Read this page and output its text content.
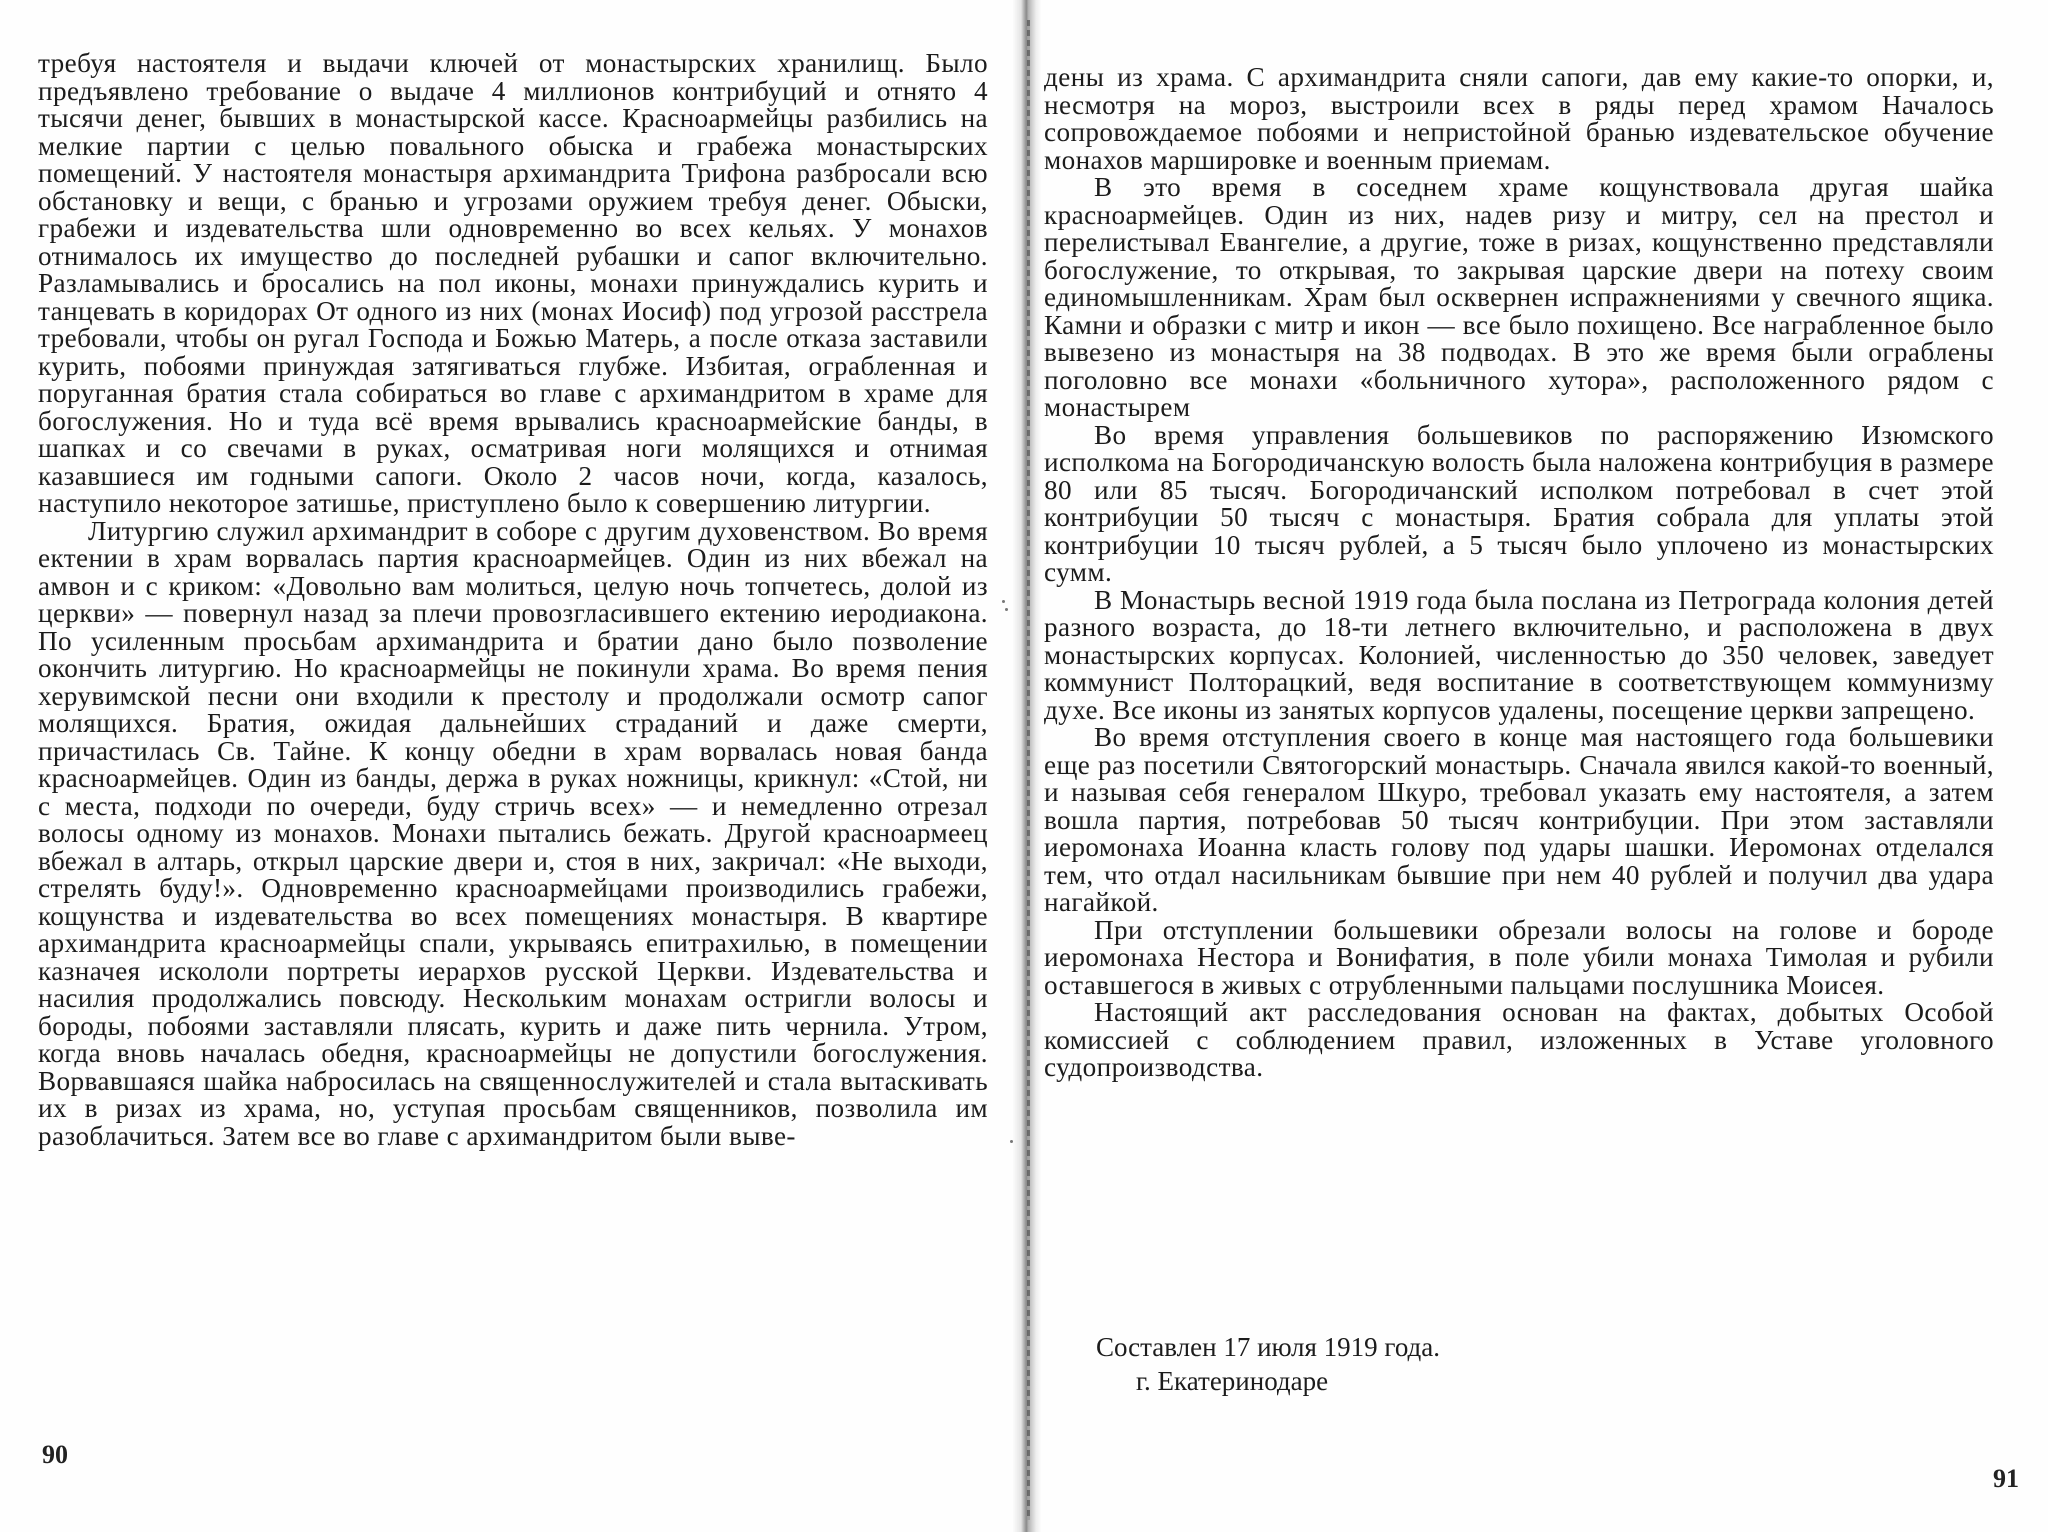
требуя настоятеля и выдачи ключей от монастырских хранилищ. Было предъявлено требование о выдаче 4 миллионов контрибуций и отнято 4 тысячи денег, бывших в монастырской кассе. Красноармейцы разбились на мелкие партии с целью повального обыска и грабежа монастырских помещений. У настоятеля монастыря архимандрита Трифона разбросали всю обстановку и вещи, с бранью и угрозами оружием требуя денег. Обыски, грабежи и издевательства шли одновременно во всех кельях. У монахов отнималось их имущество до последней рубашки и сапог включительно. Разламывались и бросались на пол иконы, монахи принуждались курить и танцевать в коридорах От одного из них (монах Иосиф) под угрозой расстрела требовали, чтобы он ругал Господа и Божью Матерь, а после отказа заставили курить, побоями принуждая затягиваться глубже. Избитая, ограбленная и поруганная братия стала собираться во главе с архимандритом в храме для богослужения. Но и туда всё время врывались красноармейские банды, в шапках и со свечами в руках, осматривая ноги молящихся и отнимая казавшиеся им годными сапоги. Около 2 часов ночи, когда, казалось, наступило некоторое затишье, приступлено было к совершению литургии.

Литургию служил архимандрит в соборе с другим духовенством. Во время ектении в храм ворвалась партия красноармейцев. Один из них вбежал на амвон и с криком: «Довольно вам молиться, целую ночь топчетесь, долой из церкви» — повернул назад за плечи провозгласившего ектению иеродиакона. По усиленным просьбам архимандрита и братии дано было позволение окончить литургию. Но красноармейцы не покинули храма. Во время пения херувимской песни они входили к престолу и продолжали осмотр сапог молящихся. Братия, ожидая дальнейших страданий и даже смерти, причастилась Св. Тайне. К концу обедни в храм ворвалась новая банда красноармейцев. Один из банды, держа в руках ножницы, крикнул: «Стой, ни с места, подходи по очереди, буду стричь всех» — и немедленно отрезал волосы одному из монахов. Монахи пытались бежать. Другой красноармеец вбежал в алтарь, открыл царские двери и, стоя в них, закричал: «Не выходи, стрелять буду!». Одновременно красноармейцами производились грабежи, кощунства и издевательства во всех помещениях монастыря. В квартире архимандрита красноармейцы спали, укрываясь епитрахилью, в помещении казначея искололи портреты иерархов русской Церкви. Издевательства и насилия продолжались повсюду. Нескольким монахам остригли волосы и бороды, побоями заставляли плясать, курить и даже пить чернила. Утром, когда вновь началась обедня, красноармейцы не допустили богослужения. Ворвавшаяся шайка набросилась на священнослужителей и стала вытаскивать их в ризах из храма, но, уступая просьбам священников, позволила им разоблачиться. Затем все во главе с архимандритом были выве-

90

дены из храма. С архимандрита сняли сапоги, дав ему какие-то опорки, и, несмотря на мороз, выстроили всех в ряды перед храмом Началось сопровождаемое побоями и непристойной бранью издевательское обучение монахов маршировке и военным приемам.

В это время в соседнем храме кощунствовала другая шайка красноармейцев. Один из них, надев ризу и митру, сел на престол и перелистывал Евангелие, а другие, тоже в ризах, кощунственно представляли богослужение, то открывая, то закрывая царские двери на потеху своим единомышленникам. Храм был осквернен испражнениями у свечного ящика. Камни и образки с митр и икон — все было похищено. Все награбленное было вывезено из монастыря на 38 подводах. В это же время были ограблены поголовно все монахи «больничного хутора», расположенного рядом с монастырем

Во время управления большевиков по распоряжению Изюмского исполкома на Богородичанскую волость была наложена контрибуция в размере 80 или 85 тысяч. Богородичанский исполком потребовал в счет этой контрибуции 50 тысяч с монастыря. Братия собрала для уплаты этой контрибуции 10 тысяч рублей, а 5 тысяч было уплочено из монастырских сумм.

В Монастырь весной 1919 года была послана из Петрограда колония детей разного возраста, до 18-ти летнего включительно, и расположена в двух монастырских корпусах. Колонией, численностью до 350 человек, заведует коммунист Полторацкий, ведя воспитание в соответствующем коммунизму духе. Все иконы из занятых корпусов удалены, посещение церкви запрещено.

Во время отступления своего в конце мая настоящего года большевики еще раз посетили Святогорский монастырь. Сначала явился какой-то военный, и называя себя генералом Шкуро, требовал указать ему настоятеля, а затем вошла партия, потребовав 50 тысяч контрибуции. При этом заставляли иеромонаха Иоанна класть голову под удары шашки. Иеромонах отделался тем, что отдал насильникам бывшие при нем 40 рублей и получил два удара нагайкой.

При отступлении большевики обрезали волосы на голове и бороде иеромонаха Нестора и Вонифатия, в поле убили монаха Тимолая и рубили оставшегося в живых с отрубленными пальцами послушника Моисея.

Настоящий акт расследования основан на фактах, добытых Особой комиссией с соблюдением правил, изложенных в Уставе уголовного судопроизводства.

Составлен 17 июля 1919 года.
г. Екатеринодаре
91
